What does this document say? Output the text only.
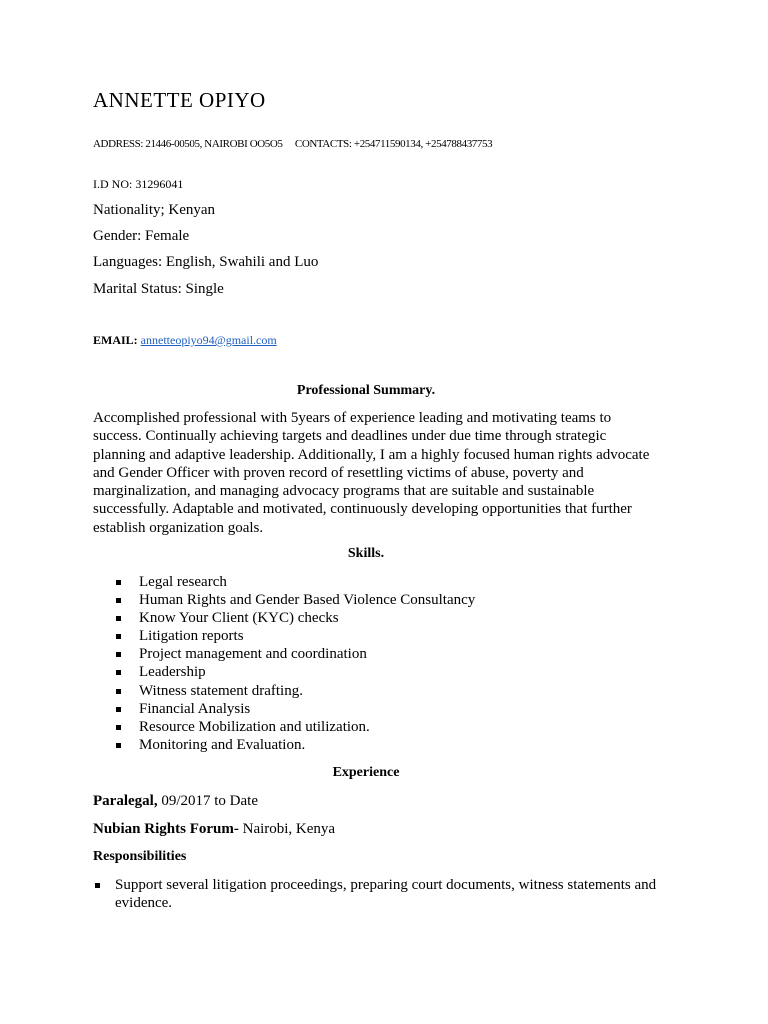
ANNETTE OPIYO
ADDRESS: 21446-00505, NAIROBI OO5O5 CONTACTS: +254711590134, +254788437753
I.D NO: 31296041
Nationality; Kenyan
Gender: Female
Languages: English, Swahili and Luo
Marital Status: Single
EMAIL: annetteopiyo94@gmail.com
Professional Summary.
Accomplished professional with 5years of experience leading and motivating teams to
success. Continually achieving targets and deadlines under due time through strategic
planning and adaptive leadership. Additionally, I am a highly focused human rights advocate
and Gender Officer with proven record of resettling victims of abuse, poverty and
marginalization, and managing advocacy programs that are suitable and sustainable
successfully. Adaptable and motivated, continuously developing opportunities that further
establish organization goals.
Skills.
Legal research
Human Rights and Gender Based Violence Consultancy
Know Your Client (KYC) checks
Litigation reports
Project management and coordination
Leadership
Witness statement drafting.
Financial Analysis
Resource Mobilization and utilization.
Monitoring and Evaluation.
Experience
Paralegal, 09/2017 to Date
Nubian Rights Forum- Nairobi, Kenya
Responsibilities
Support several litigation proceedings, preparing court documents, witness statements and
evidence.
